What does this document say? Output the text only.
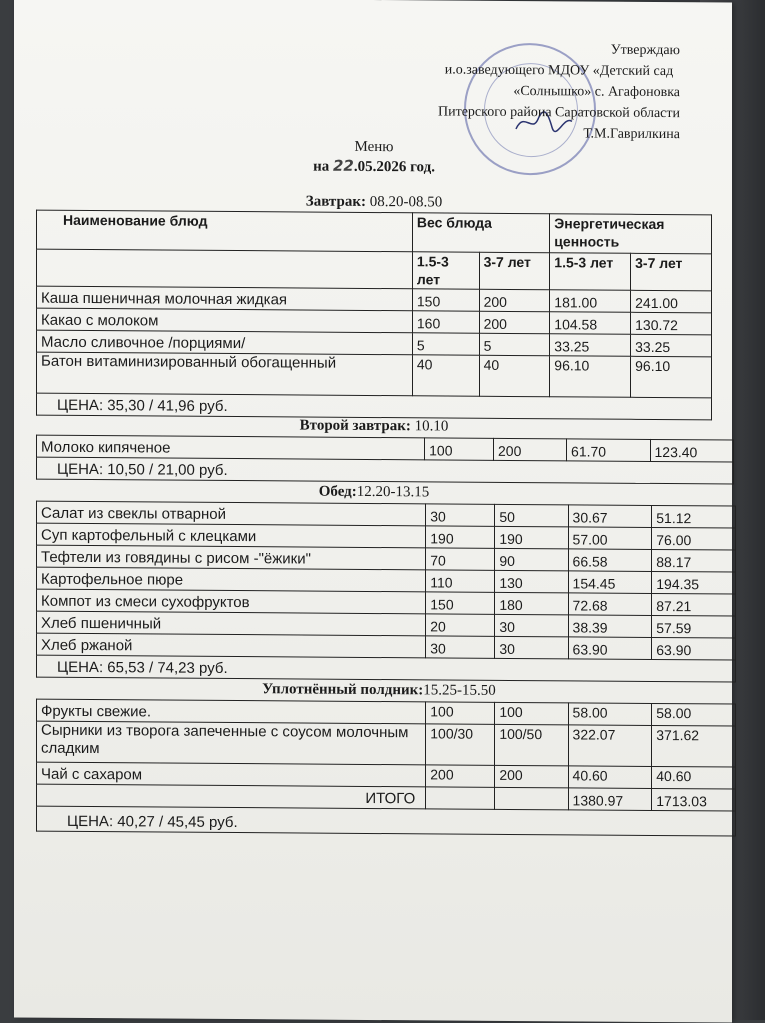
Утверждаю
и.о.заведующего МДОУ «Детский сад
«Солнышко» с. Агафоновка
Питерского района Саратовской области
Т.М.Гаврилкина
Меню
на 22.05.2026 год.
Завтрак: 08.20-08.50
Наименование блюд	Вес блюда		Энергетическая ценность	
	1.5-3 лет	3-7 лет	1.5-3 лет	3-7 лет
Каша пшеничная молочная жидкая	150	200	181.00	241.00
Какао с молоком	160	200	104.58	130.72
Масло сливочное /порциями/	5	5	33.25	33.25
Батон витаминизированный обогащенный	40	40	96.10	96.10
ЦЕНА: 35,30 / 41,96 руб.				
Второй завтрак: 10.10
Молоко кипяченое	100	200	61.70	123.40
ЦЕНА: 10,50 / 21,00 руб.
Обед:12.20-13.15
Салат из свеклы отварной	30	50	30.67	51.12
Суп картофельный с клецками	190	190	57.00	76.00
Тефтели из говядины с рисом -"ёжики"	70	90	66.58	88.17
Картофельное пюре	110	130	154.45	194.35
Компот из смеси сухофруктов	150	180	72.68	87.21
Хлеб пшеничный	20	30	38.39	57.59
Хлеб ржаной	30	30	63.90	63.90
ЦЕНА: 65,53 / 74,23 руб.				
Уплотнённый полдник:15.25-15.50
Фрукты свежие.	100	100	58.00	58.00
Сырники из творога запеченные с соусом молочным сладким	100/30	100/50	322.07	371.62
Чай с сахаром	200	200	40.60	40.60
ИТОГО			1380.97	1713.03
ЦЕНА: 40,27 / 45,45 руб.				
